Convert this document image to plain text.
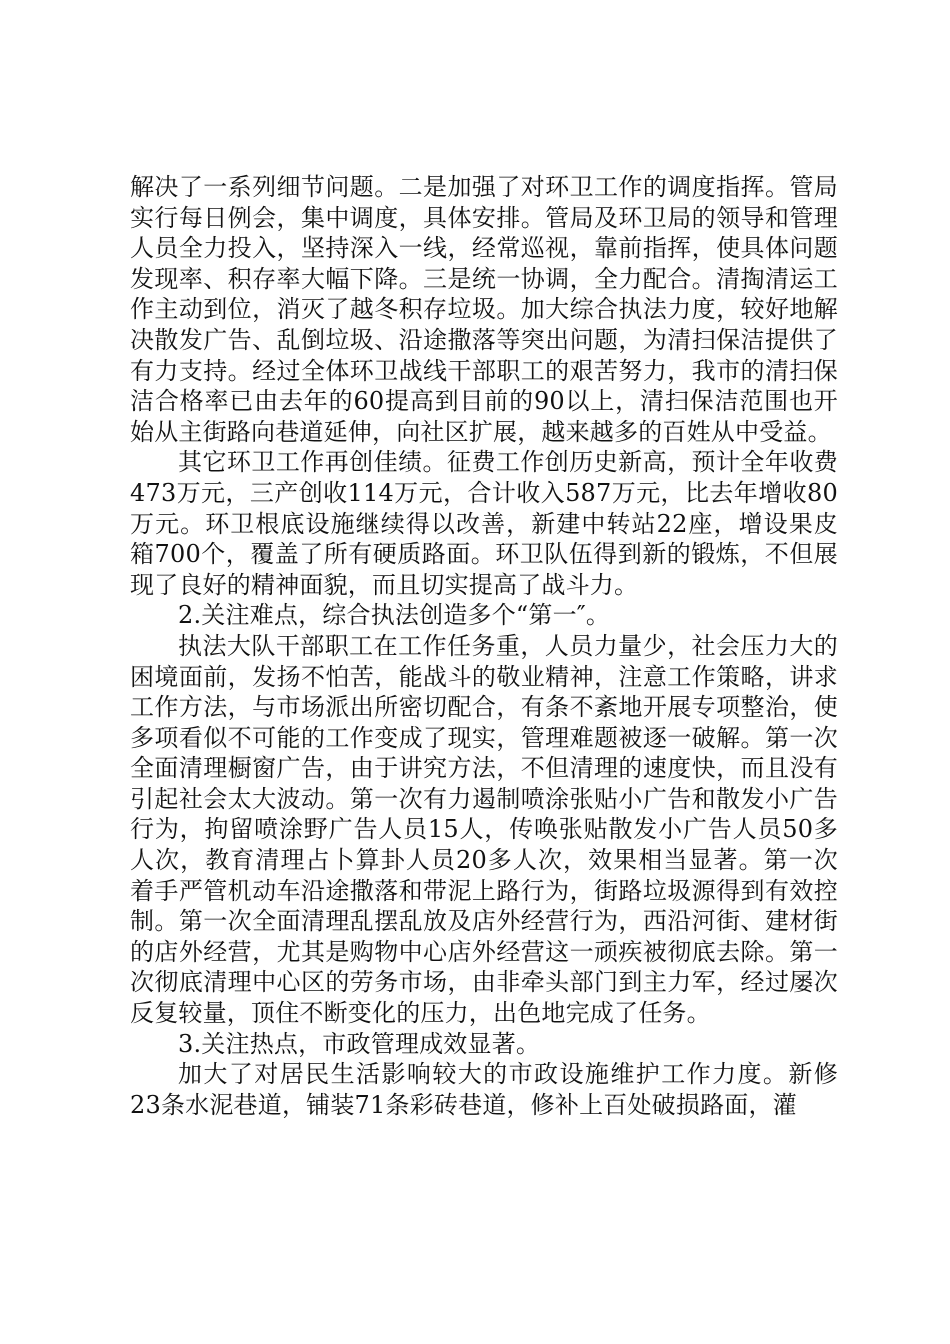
解决了一系列细节问题。二是加强了对环卫工作的调度指挥。管局实行每日例会，集中调度，具体安排。管局及环卫局的领导和管理人员全力投入，坚持深入一线，经常巡视，靠前指挥，使具体问题发现率、积存率大幅下降。三是统一协调，全力配合。清掏清运工作主动到位，消灭了越冬积存垃圾。加大综合执法力度，较好地解决散发广告、乱倒垃圾、沿途撒落等突出问题，为清扫保洁提供了有力支持。经过全体环卫战线干部职工的艰苦努力，我市的清扫保洁合格率已由去年的60提高到目前的90以上，清扫保洁范围也开始从主街路向巷道延伸，向社区扩展，越来越多的百姓从中受益。

其它环卫工作再创佳绩。征费工作创历史新高，预计全年收费473万元，三产创收114万元，合计收入587万元，比去年增收80万元。环卫根底设施继续得以改善，新建中转站22座，增设果皮箱700个，覆盖了所有硬质路面。环卫队伍得到新的锻炼，不但展现了良好的精神面貌，而且切实提高了战斗力。

2.关注难点，综合执法创造多个“第一″。

执法大队干部职工在工作任务重，人员力量少，社会压力大的困境面前，发扬不怕苦，能战斗的敬业精神，注意工作策略，讲求工作方法，与市场派出所密切配合，有条不紊地开展专项整治，使多项看似不可能的工作变成了现实，管理难题被逐一破解。第一次全面清理橱窗广告，由于讲究方法，不但清理的速度快，而且没有引起社会太大波动。第一次有力遏制喷涂张贴小广告和散发小广告行为，拘留喷涂野广告人员15人，传唤张贴散发小广告人员50多人次，教育清理占卜算卦人员20多人次，效果相当显著。第一次着手严管机动车沿途撒落和带泥上路行为，街路垃圾源得到有效控制。第一次全面清理乱摆乱放及店外经营行为，西沿河街、建材街的店外经营，尤其是购物中心店外经营这一顽疾被彻底去除。第一次彻底清理中心区的劳务市场，由非牵头部门到主力军，经过屡次反复较量，顶住不断变化的压力，出色地完成了任务。

3.关注热点，市政管理成效显著。

加大了对居民生活影响较大的市政设施维护工作力度。新修23条水泥巷道，铺装71条彩砖巷道，修补上百处破损路面，灌
